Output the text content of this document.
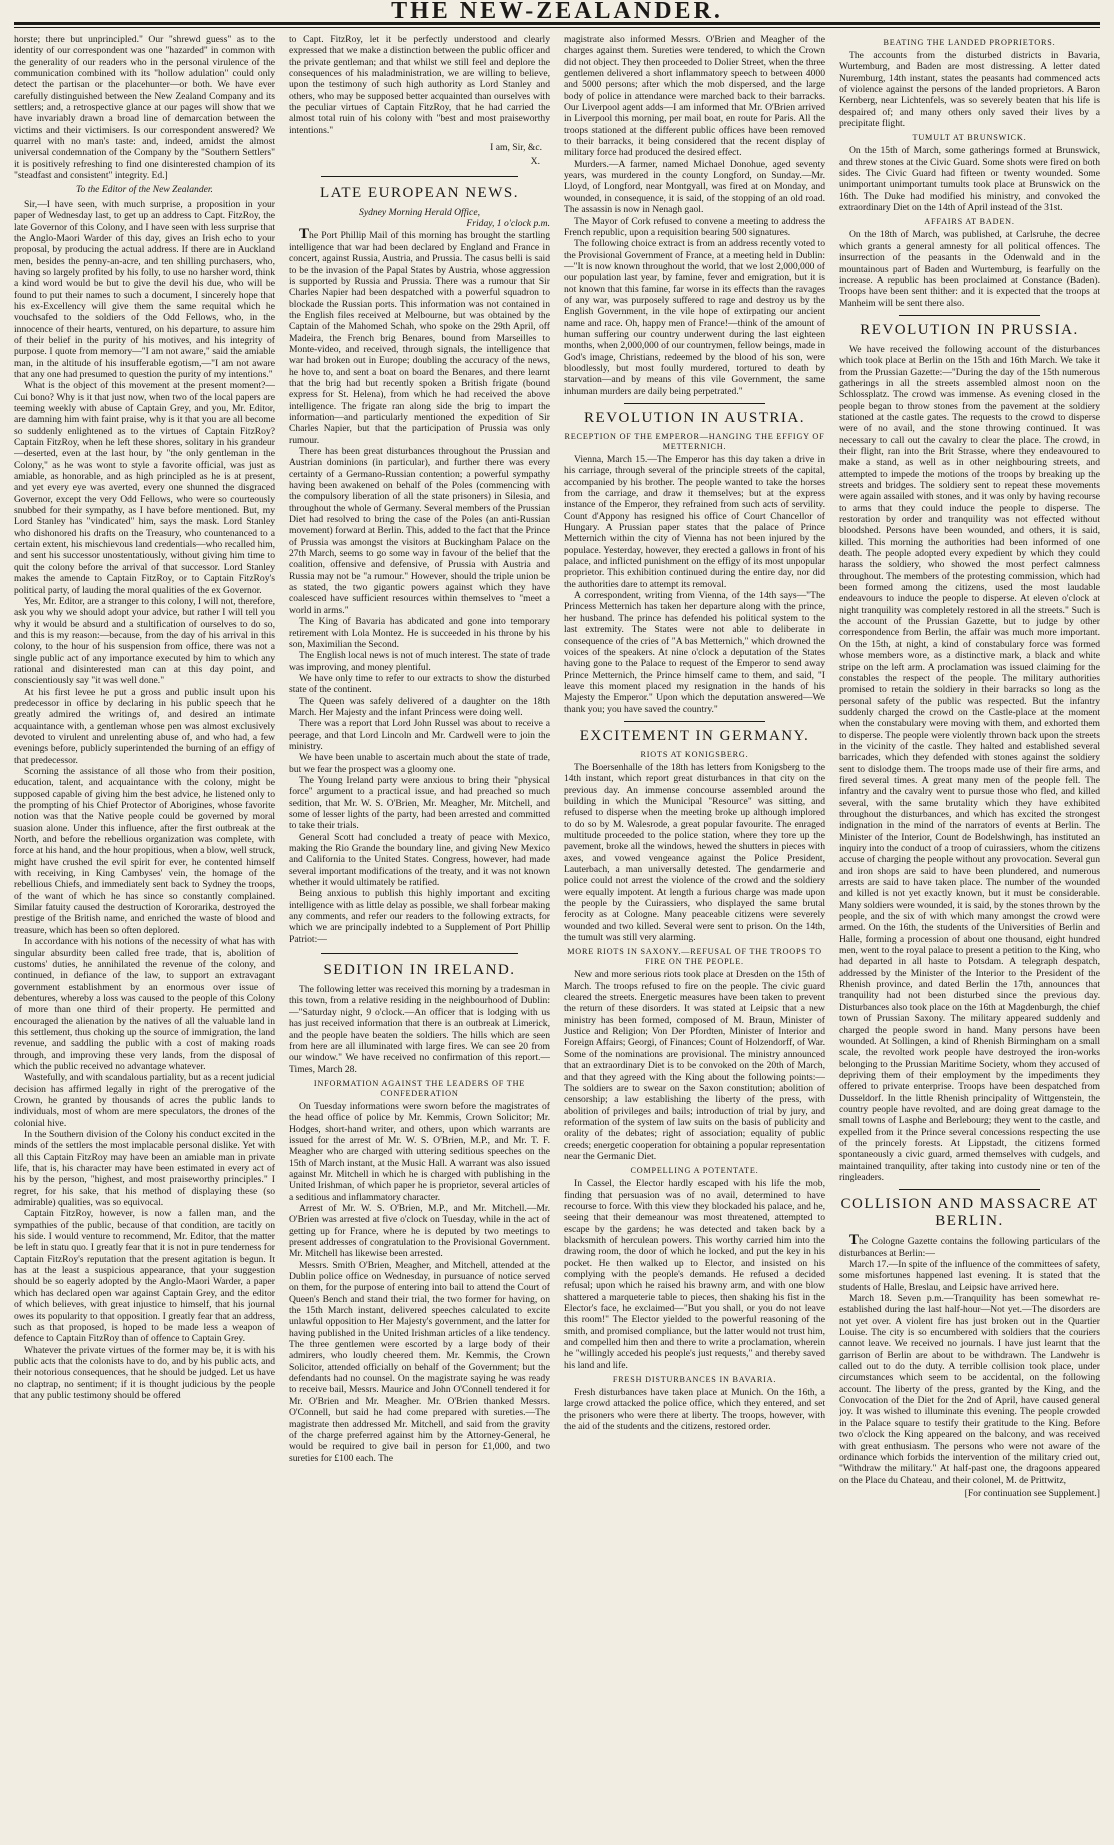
THE NEW-ZEALANDER.

horste; there but unprincipled." Our "shrewd guess" as to the identity of our correspondent was one "hazarded" in common with the generality of our readers who in the personal virulence of the communication combined with its "hollow adulation" could only detect the partisan or the placehunter—or both. We have ever carefully distinguished between the New Zealand Company and its settlers; and, a retrospective glance at our pages will show that we have invariably drawn a broad line of demarcation between the victims and their victimisers. Is our correspondent answered? We quarrel with no man's taste: and, indeed, amidst the almost universal condemnation of the Company by the "Southern Settlers" it is positively refreshing to find one disinterested champion of its "steadfast and consistent" integrity. Ed.]

To the Editor of the New Zealander.

Sir,—I have seen, with much surprise, a proposition in your paper of Wednesday last, to get up an address to Capt. FitzRoy, the late Governor of this Colony, and I have seen with less surprise that the Anglo-Maori Warder of this day, gives an Irish echo to your proposal, by producing the actual address. If there are in Auckland men, besides the penny-an-acre, and ten shilling purchasers, who, having so largely profited by his folly, to use no harsher word, think a kind word would be but to give the devil his due, who will be found to put their names to such a document, I sincerely hope that his ex-Excellency will give them the same requital which he vouchsafed to the soldiers of the Odd Fellows, who, in the innocence of their hearts, ventured, on his departure, to assure him of their belief in the purity of his motives, and his integrity of purpose. I quote from memory—"I am not aware," said the amiable man, in the altitude of his insufferable egotism,—"I am not aware that any one had presumed to question the purity of my intentions."

What is the object of this movement at the present moment?—Cui bono? Why is it that just now, when two of the local papers are teeming weekly with abuse of Captain Grey, and you, Mr. Editor, are damning him with faint praise, why is it that you are all become so suddenly enlightened as to the virtues of Captain FitzRoy? Captain FitzRoy, when he left these shores, solitary in his grandeur—deserted, even at the last hour, by "the only gentleman in the Colony," as he was wont to style a favorite official, was just as amiable, as honorable, and as high principled as he is at present, and yet every eye was averted, every one shunned the disgraced Governor, except the very Odd Fellows, who were so courteously snubbed for their sympathy, as I have before mentioned. But, my Lord Stanley has "vindicated" him, says the mask. Lord Stanley who dishonored his drafts on the Treasury, who countenanced to a certain extent, his mischievous land credentials—who recalled him, and sent his successor unostentatiously, without giving him time to quit the colony before the arrival of that successor. Lord Stanley makes the amende to Captain FitzRoy, or to Captain FitzRoy's political party, of lauding the moral qualities of the ex Governor.

Yes, Mr. Editor, are a stranger to this colony, I will not, therefore, ask you why we should adopt your advice, but rather I will tell you why it would be absurd and a stultification of ourselves to do so, and this is my reason:—because, from the day of his arrival in this colony, to the hour of his suspension from office, there was not a single public act of any importance executed by him to which any rational and disinterested man can at this day point, and conscientiously say "it was well done."

At his first levee he put a gross and public insult upon his predecessor in office by declaring in his public speech that he greatly admired the writings of, and desired an intimate acquaintance with, a gentleman whose pen was almost exclusively devoted to virulent and unrelenting abuse of, and who had, a few evenings before, publicly superintended the burning of an effigy of that predecessor.

Scorning the assistance of all those who from their position, education, talent, and acquaintance with the colony, might be supposed capable of giving him the best advice, he listened only to the prompting of his Chief Protector of Aborigines, whose favorite notion was that the Native people could be governed by moral suasion alone. Under this influence, after the first outbreak at the North, and before the rebellious organization was complete, with force at his hand, and the hour propitious, when a blow, well struck, might have crushed the evil spirit for ever, he contented himself with receiving, in King Cambyses' vein, the homage of the rebellious Chiefs, and immediately sent back to Sydney the troops, of the want of which he has since so constantly complained. Similar fatuity caused the destruction of Kororarika, destroyed the prestige of the British name, and enriched the waste of blood and treasure, which has been so often deplored.

In accordance with his notions of the necessity of what has with singular absurdity been called free trade, that is, abolition of customs' duties, he annihilated the revenue of the colony, and continued, in defiance of the law, to support an extravagant government establishment by an enormous over issue of debentures, whereby a loss was caused to the people of this Colony of more than one third of their property. He permitted and encouraged the alienation by the natives of all the valuable land in this settlement, thus choking up the source of immigration, the land revenue, and saddling the public with a cost of making roads through, and improving these very lands, from the disposal of which the public received no advantage whatever.

Wastefully, and with scandalous partiality, but as a recent judicial decision has affirmed legally in right of the prerogative of the Crown, he granted by thousands of acres the public lands to individuals, most of whom are mere speculators, the drones of the colonial hive.

In the Southern division of the Colony his conduct excited in the minds of the settlers the most implacable personal dislike. Yet with all this Captain FitzRoy may have been an amiable man in private life, that is, his character may have been estimated in every act of his by the person, "highest, and most praiseworthy principles." I regret, for his sake, that his method of displaying these (so admirable) qualities, was so equivocal.

Captain FitzRoy, however, is now a fallen man, and the sympathies of the public, because of that condition, are tacitly on his side. I would venture to recommend, Mr. Editor, that the matter be left in statu quo. I greatly fear that it is not in pure tenderness for Captain FitzRoy's reputation that the present agitation is begun. It has at the least a suspicious appearance, that your suggestion should be so eagerly adopted by the Anglo-Maori Warder, a paper which has declared open war against Captain Grey, and the editor of which believes, with great injustice to himself, that his journal owes its popularity to that opposition. I greatly fear that an address, such as that proposed, is hoped to be made less a weapon of defence to Captain FitzRoy than of offence to Captain Grey.

Whatever the private virtues of the former may be, it is with his public acts that the colonists have to do, and by his public acts, and their notorious consequences, that he should be judged. Let us have no claptrap, no sentiment; if it is thought judicious by the people that any public testimony should be offered

to Capt. FitzRoy, let it be perfectly understood and clearly expressed that we make a distinction between the public officer and the private gentleman; and that whilst we still feel and deplore the consequences of his maladministration, we are willing to believe, upon the testimony of such high authority as Lord Stanley and others, who may be supposed better acquainted than ourselves with the peculiar virtues of Captain FitzRoy, that he had carried the almost total ruin of his colony with "best and most praiseworthy intentions."

I am, Sir, &c.

X.

LATE EUROPEAN NEWS.

Sydney Morning Herald Office,

Friday, 1 o'clock p.m.

The Port Phillip Mail of this morning has brought the startling intelligence that war had been declared by England and France in concert, against Russia, Austria, and Prussia. The casus belli is said to be the invasion of the Papal States by Austria, whose aggression is supported by Russia and Prussia. There was a rumour that Sir Charles Napier had been despatched with a powerful squadron to blockade the Russian ports. This information was not contained in the English files received at Melbourne, but was obtained by the Captain of the Mahomed Schah, who spoke on the 29th April, off Madeira, the French brig Benares, bound from Marseilles to Monte-video, and received, through signals, the intelligence that war had broken out in Europe; doubling the accuracy of the news, he hove to, and sent a boat on board the Benares, and there learnt that the brig had but recently spoken a British frigate (bound express for St. Helena), from which he had received the above intelligence. The frigate ran along side the brig to impart the information—and particularly mentioned the expedition of Sir Charles Napier, but that the participation of Prussia was only rumour.

There has been great disturbances throughout the Prussian and Austrian dominions (in particular), and further there was every certainty of a Germano-Russian contention; a powerful sympathy having been awakened on behalf of the Poles (commencing with the compulsory liberation of all the state prisoners) in Silesia, and throughout the whole of Germany. Several members of the Prussian Diet had resolved to bring the case of the Poles (an anti-Russian movement) forward at Berlin. This, added to the fact that the Prince of Prussia was amongst the visitors at Buckingham Palace on the 27th March, seems to go some way in favour of the belief that the coalition, offensive and defensive, of Prussia with Austria and Russia may not be "a rumour." However, should the triple union be as stated, the two gigantic powers against which they have coalesced have sufficient resources within themselves to "meet a world in arms."

The King of Bavaria has abdicated and gone into temporary retirement with Lola Montez. He is succeeded in his throne by his son, Maximilian the Second.

The English local news is not of much interest. The state of trade was improving, and money plentiful.

We have only time to refer to our extracts to show the disturbed state of the continent.

The Queen was safely delivered of a daughter on the 18th March. Her Majesty and the infant Princess were doing well.

There was a report that Lord John Russel was about to receive a peerage, and that Lord Lincoln and Mr. Cardwell were to join the ministry.

We have been unable to ascertain much about the state of trade, but we fear the prospect was a gloomy one.

The Young Ireland party were anxious to bring their "physical force" argument to a practical issue, and had preached so much sedition, that Mr. W. S. O'Brien, Mr. Meagher, Mr. Mitchell, and some of lesser lights of the party, had been arrested and committed to take their trials.

General Scott had concluded a treaty of peace with Mexico, making the Rio Grande the boundary line, and giving New Mexico and California to the United States. Congress, however, had made several important modifications of the treaty, and it was not known whether it would ultimately be ratified.

Being anxious to publish this highly important and exciting intelligence with as little delay as possible, we shall forbear making any comments, and refer our readers to the following extracts, for which we are principally indebted to a Supplement of Port Phillip Patriot:—

SEDITION IN IRELAND.

The following letter was received this morning by a tradesman in this town, from a relative residing in the neighbourhood of Dublin:—"Saturday night, 9 o'clock.—An officer that is lodging with us has just received information that there is an outbreak at Limerick, and the people have beaten the soldiers. The hills which are seen from here are all illuminated with large fires. We can see 20 from our window." We have received no confirmation of this report.—Times, March 28.

INFORMATION AGAINST THE LEADERS OF THE CONFEDERATION

On Tuesday informations were sworn before the magistrates of the head office of police by Mr. Kemmis, Crown Solicitor; Mr. Hodges, short-hand writer, and others, upon which warrants are issued for the arrest of Mr. W. S. O'Brien, M.P., and Mr. T. F. Meagher who are charged with uttering seditious speeches on the 15th of March instant, at the Music Hall. A warrant was also issued against Mr. Mitchell in which he is charged with publishing in the United Irishman, of which paper he is proprietor, several articles of a seditious and inflammatory character.

Arrest of Mr. W. S. O'Brien, M.P., and Mr. Mitchell.—Mr. O'Brien was arrested at five o'clock on Tuesday, while in the act of getting up for France, where he is deputed by two meetings to present addresses of congratulation to the Provisional Government. Mr. Mitchell has likewise been arrested.

Messrs. Smith O'Brien, Meagher, and Mitchell, attended at the Dublin police office on Wednesday, in pursuance of notice served on them, for the purpose of entering into bail to attend the Court of Queen's Bench and stand their trial, the two former for having, on the 15th March instant, delivered speeches calculated to excite unlawful opposition to Her Majesty's government, and the latter for having published in the United Irishman articles of a like tendency. The three gentlemen were escorted by a large body of their admirers, who loudly cheered them. Mr. Kemmis, the Crown Solicitor, attended officially on behalf of the Government; but the defendants had no counsel. On the magistrate saying he was ready to receive bail, Messrs. Maurice and John O'Connell tendered it for Mr. O'Brien and Mr. Meagher. Mr. O'Brien thanked Messrs. O'Connell, but said he had come prepared with sureties.—The magistrate then addressed Mr. Mitchell, and said from the gravity of the charge preferred against him by the Attorney-General, he would be required to give bail in person for £1,000, and two sureties for £100 each. The

magistrate also informed Messrs. O'Brien and Meagher of the charges against them. Sureties were tendered, to which the Crown did not object. They then proceeded to Dolier Street, when the three gentlemen delivered a short inflammatory speech to between 4000 and 5000 persons; after which the mob dispersed, and the large body of police in attendance were marched back to their barracks. Our Liverpool agent adds—I am informed that Mr. O'Brien arrived in Liverpool this morning, per mail boat, en route for Paris. All the troops stationed at the different public offices have been removed to their barracks, it being considered that the recent display of military force had produced the desired effect.

Murders.—A farmer, named Michael Donohue, aged seventy years, was murdered in the county Longford, on Sunday.—Mr. Lloyd, of Longford, near Montgyall, was fired at on Monday, and wounded, in consequence, it is said, of the stopping of an old road. The assassin is now in Nenagh gaol.

The Mayor of Cork refused to convene a meeting to address the French republic, upon a requisition bearing 500 signatures.

The following choice extract is from an address recently voted to the Provisional Government of France, at a meeting held in Dublin:—"It is now known throughout the world, that we lost 2,000,000 of our population last year, by famine, fever and emigration, but it is not known that this famine, far worse in its effects than the ravages of any war, was purposely suffered to rage and destroy us by the English Government, in the vile hope of extirpating our ancient name and race. Oh, happy men of France!—think of the amount of human suffering our country underwent during the last eighteen months, when 2,000,000 of our countrymen, fellow beings, made in God's image, Christians, redeemed by the blood of his son, were bloodlessly, but most foully murdered, tortured to death by starvation—and by means of this vile Government, the same inhuman murders are daily being perpetrated."

REVOLUTION IN AUSTRIA.
RECEPTION OF THE EMPEROR—HANGING THE EFFIGY OF METTERNICH.

Vienna, March 15.—The Emperor has this day taken a drive in his carriage, through several of the principle streets of the capital, accompanied by his brother. The people wanted to take the horses from the carriage, and draw it themselves; but at the express instance of the Emperor, they refrained from such acts of servility. Count d'Appony has resigned his office of Court Chancellor of Hungary. A Prussian paper states that the palace of Prince Metternich within the city of Vienna has not been injured by the populace. Yesterday, however, they erected a gallows in front of his palace, and inflicted punishment on the effigy of its most unpopular proprietor. This exhibition continued during the entire day, nor did the authorities dare to attempt its removal.

A correspondent, writing from Vienna, of the 14th says—"The Princess Metternich has taken her departure along with the prince, her husband. The prince has defended his political system to the last extremity. The States were not able to deliberate in consequence of the cries of "A bas Metternich," which drowned the voices of the speakers. At nine o'clock a deputation of the States having gone to the Palace to request of the Emperor to send away Prince Metternich, the Prince himself came to them, and said, "I leave this moment placed my resignation in the hands of his Majesty the Emperor." Upon which the deputation answered—We thank you; you have saved the country."

EXCITEMENT IN GERMANY.
RIOTS AT KONIGSBERG.

The Boersenhalle of the 18th has letters from Konigsberg to the 14th instant, which report great disturbances in that city on the previous day. An immense concourse assembled around the building in which the Municipal "Resource" was sitting, and refused to disperse when the meeting broke up although implored to do so by M. Walesrode, a great popular favourite. The enraged multitude proceeded to the police station, where they tore up the pavement, broke all the windows, hewed the shutters in pieces with axes, and vowed vengeance against the Police President, Lauterbach, a man universally detested. The gendarmerie and police could not arrest the violence of the crowd and the soldiery were equally impotent. At length a furious charge was made upon the people by the Cuirassiers, who displayed the same brutal ferocity as at Cologne. Many peaceable citizens were severely wounded and two killed. Several were sent to prison. On the 14th, the tumult was still very alarming.

MORE RIOTS IN SAXONY.—REFUSAL OF THE TROOPS TO FIRE ON THE PEOPLE.

New and more serious riots took place at Dresden on the 15th of March. The troops refused to fire on the people. The civic guard cleared the streets. Energetic measures have been taken to prevent the return of these disorders. It was stated at Leipsic that a new ministry has been formed, composed of M. Braun, Minister of Justice and Religion; Von Der Pfordten, Minister of Interior and Foreign Affairs; Georgi, of Finances; Count of Holzendorff, of War. Some of the nominations are provisional. The ministry announced that an extraordinary Diet is to be convoked on the 20th of March, and that they agreed with the King about the following points:—The soldiers are to swear on the Saxon constitution; abolition of censorship; a law establishing the liberty of the press, with abolition of privileges and bails; introduction of trial by jury, and reformation of the system of law suits on the basis of publicity and orality of the debates; right of association; equality of public creeds; energetic cooperation for obtaining a popular representation near the Germanic Diet.

COMPELLING A POTENTATE.

In Cassel, the Elector hardly escaped with his life the mob, finding that persuasion was of no avail, determined to have recourse to force. With this view they blockaded his palace, and he, seeing that their demeanour was most threatened, attempted to escape by the gardens; he was detected and taken back by a blacksmith of herculean powers. This worthy carried him into the drawing room, the door of which he locked, and put the key in his pocket. He then walked up to Elector, and insisted on his complying with the people's demands. He refused a decided refusal; upon which he raised his brawny arm, and with one blow shattered a marqueterie table to pieces, then shaking his fist in the Elector's face, he exclaimed—"But you shall, or you do not leave this room!" The Elector yielded to the powerful reasoning of the smith, and promised compliance, but the latter would not trust him, and compelled him then and there to write a proclamation, wherein he "willingly acceded his people's just requests," and thereby saved his land and life.

FRESH DISTURBANCES IN BAVARIA.

Fresh disturbances have taken place at Munich. On the 16th, a large crowd attacked the police office, which they entered, and set the prisoners who were there at liberty. The troops, however, with the aid of the students and the citizens, restored order.

BEATING THE LANDED PROPRIETORS.

The accounts from the disturbed districts in Bavaria, Wurtemburg, and Baden are most distressing. A letter dated Nuremburg, 14th instant, states the peasants had commenced acts of violence against the persons of the landed proprietors. A Baron Kernberg, near Lichtenfels, was so severely beaten that his life is despaired of; and many others only saved their lives by a precipitate flight.

TUMULT AT BRUNSWICK.

On the 15th of March, some gatherings formed at Brunswick, and threw stones at the Civic Guard. Some shots were fired on both sides. The Civic Guard had fifteen or twenty wounded. Some unimportant unimportant tumults took place at Brunswick on the 16th. The Duke had modified his ministry, and convoked the extraordinary Diet on the 14th of April instead of the 31st.

AFFAIRS AT BADEN.

On the 18th of March, was published, at Carlsruhe, the decree which grants a general amnesty for all political offences. The insurrection of the peasants in the Odenwald and in the mountainous part of Baden and Wurtemburg, is fearfully on the increase. A republic has been proclaimed at Constance (Baden). Troops have been sent thither: and it is expected that the troops at Manheim will be sent there also.

REVOLUTION IN PRUSSIA.

We have received the following account of the disturbances which took place at Berlin on the 15th and 16th March. We take it from the Prussian Gazette:—"During the day of the 15th numerous gatherings in all the streets assembled almost noon on the Schlossplatz. The crowd was immense. As evening closed in the people began to throw stones from the pavement at the soldiery stationed at the castle gates. The requests to the crowd to disperse were of no avail, and the stone throwing continued. It was necessary to call out the cavalry to clear the place. The crowd, in their flight, ran into the Brit Strasse, where they endeavoured to make a stand, as well as in other neighbouring streets, and attempted to impede the motions of the troops by breaking up the streets and bridges. The soldiery sent to repeat these movements were again assailed with stones, and it was only by having recourse to arms that they could induce the people to disperse. The restoration by order and tranquility was not effected without bloodshed. Persons have been wounded, and others, it is said, killed. This morning the authorities had been informed of one death. The people adopted every expedient by which they could harass the soldiery, who showed the most perfect calmness throughout. The members of the protesting commission, which had been formed among the citizens, used the most laudable endeavours to induce the people to disperse. At eleven o'clock at night tranquility was completely restored in all the streets." Such is the account of the Prussian Gazette, but to judge by other correspondence from Berlin, the affair was much more important. On the 15th, at night, a kind of constabulary force was formed whose members wore, as a distinctive mark, a black and white stripe on the left arm. A proclamation was issued claiming for the constables the respect of the people. The military authorities promised to retain the soldiery in their barracks so long as the personal safety of the public was respected. But the infantry suddenly charged the crowd on the Castle-place at the moment when the constabulary were moving with them, and exhorted them to disperse. The people were violently thrown back upon the streets in the vicinity of the castle. They halted and established several barricades, which they defended with stones against the soldiery sent to dislodge them. The troops made use of their fire arms, and fired several times. A great many men of the people fell. The infantry and the cavalry went to pursue those who fled, and killed several, with the same brutality which they have exhibited throughout the disturbances, and which has excited the strongest indignation in the mind of the narrators of events at Berlin. The Minister of the Interior, Count de Bodelshwingh, has instituted an inquiry into the conduct of a troop of cuirassiers, whom the citizens accuse of charging the people without any provocation. Several gun and iron shops are said to have been plundered, and numerous arrests are said to have taken place. The number of the wounded and killed is not yet exactly known, but it must be considerable. Many soldiers were wounded, it is said, by the stones thrown by the people, and the six of with which many amongst the crowd were armed. On the 16th, the students of the Universities of Berlin and Halle, forming a procession of about one thousand, eight hundred men, went to the royal palace to present a petition to the King, who had departed in all haste to Potsdam. A telegraph despatch, addressed by the Minister of the Interior to the President of the Rhenish province, and dated Berlin the 17th, announces that tranquility had not been disturbed since the previous day. Disturbances also took place on the 16th at Magdenburgh, the chief town of Prussian Saxony. The military appeared suddenly and charged the people sword in hand. Many persons have been wounded. At Sollingen, a kind of Rhenish Birmingham on a small scale, the revolted work people have destroyed the iron-works belonging to the Prussian Maritime Society, whom they accused of depriving them of their employment by the impediments they offered to private enterprise. Troops have been despatched from Dusseldorf. In the little Rhenish principality of Wittgenstein, the country people have revolted, and are doing great damage to the small towns of Lasphe and Berlebourg; they went to the castle, and expelled from it the Prince several concessions respecting the use of the princely forests. At Lippstadt, the citizens formed spontaneously a civic guard, armed themselves with cudgels, and maintained tranquility, after taking into custody nine or ten of the ringleaders.

COLLISION AND MASSACRE AT BERLIN.

The Cologne Gazette contains the following particulars of the disturbances at Berlin:—

March 17.—In spite of the influence of the committees of safety, some misfortunes happened last evening. It is stated that the students of Halle, Breslau, and Leipsic have arrived here.

March 18. Seven p.m.—Tranquility has been somewhat re-established during the last half-hour—Not yet.—The disorders are not yet over. A violent fire has just broken out in the Quartier Louise. The city is so encumbered with soldiers that the couriers cannot leave. We received no journals. I have just learnt that the garrison of Berlin are about to be withdrawn. The Landwehr is called out to do the duty. A terrible collision took place, under circumstances which seem to be accidental, on the following account. The liberty of the press, granted by the King, and the Convocation of the Diet for the 2nd of April, have caused general joy. It was wished to illuminate this evening. The people crowded in the Palace square to testify their gratitude to the King. Before two o'clock the King appeared on the balcony, and was received with great enthusiasm. The persons who were not aware of the ordinance which forbids the intervention of the military cried out, "Withdraw the military." At half-past one, the dragoons appeared on the Place du Chateau, and their colonel, M. de Prittwitz,

[For continuation see Supplement.]
